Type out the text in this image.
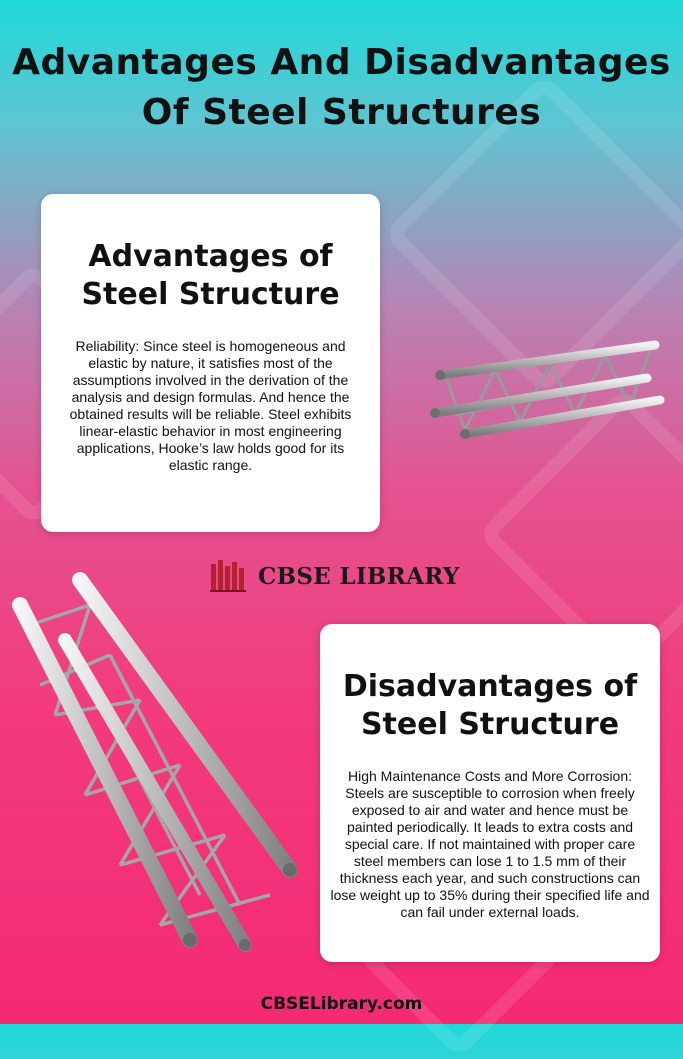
Advantages And Disadvantages
Of Steel Structures
Advantages of
Steel Structure

Reliability: Since steel is homogeneous and elastic by nature, it satisfies most of the assumptions involved in the derivation of the analysis and design formulas. And hence the obtained results will be reliable. Steel exhibits linear-elastic behavior in most engineering applications, Hooke’s law holds good for its elastic range.

CBSE LIBRARY
Disadvantages of
Steel Structure

High Maintenance Costs and More Corrosion: Steels are susceptible to corrosion when freely exposed to air and water and hence must be painted periodically. It leads to extra costs and special care. If not maintained with proper care steel members can lose 1 to 1.5 mm of their thickness each year, and such constructions can lose weight up to 35% during their specified life and can fail under external loads.

CBSELibrary.com
